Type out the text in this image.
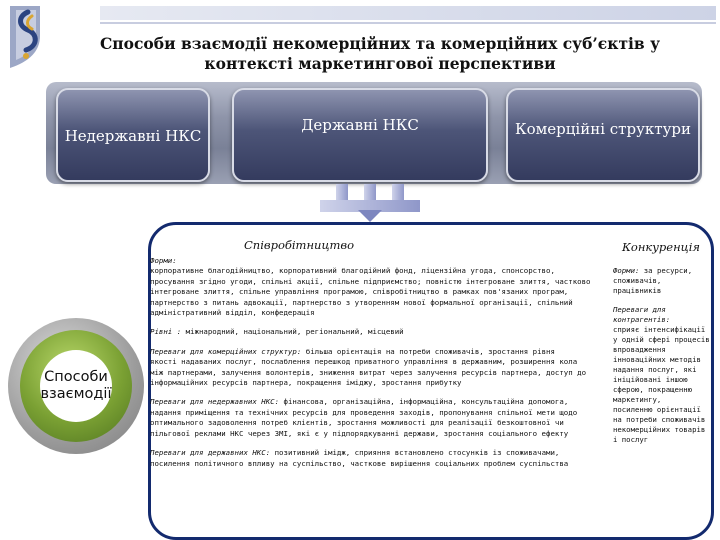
Способи взаємодії некомерційних та комерційних суб’єктів у контексті маркетингової перспективи
Недержавні НКС
Державні НКС	Комерційні структури
Способи взаємодії
Співробітництво	Конкуренція

Форми:

корпоративне благодійництво, корпоративний благодійний фонд, ліцензійна угода, спонсорство,

просування згідно угоди, спільні акції, спільне підприємство; повністю інтегроване злиття, частково

інтегроване злиття, спільне управління програмою, співробітництво в рамках пов'язаних програм,

партнерство з питань адвокації, партнерство з утворенням нової формальної організації, спільний

адміністративний відділ, конфедерація

Рівні : міжнародний, національний, регіональний, місцевий

Переваги для комерційних структур: більша орієнтація на потреби споживачів, зростання рівня

якості надаваних послуг, послаблення перешкод приватного управління в державним, розширення кола

між партнерами, залучення волонтерів, зниження витрат через залучення ресурсів партнера, доступ до

інформаційних ресурсів партнера, покращення іміджу, зростання прибутку

Переваги для недержавних НКС: фінансова, організаційна, інформаційна, консультаційна допомога,

надання приміщення та технічних ресурсів для проведення заходів, пропонування спільної мети щодо

оптимального задоволення потреб клієнтів, зростання можливості для реалізації безкоштовної чи

пільгової реклами НКС через ЗМІ, які є у підпорядкуванні держави, зростання соціального ефекту

Переваги для державних НКС: позитивний імідж, сприяння встановлено стосунків із споживачами,

посилення політичного впливу на суспільство, часткове вирішення соціальних проблем суспільства

Форми: за ресурси,

споживачів,

працівників

Переваги для

контрагентів:

сприяє інтенсифікації

у одній сфері процесів

впровадження

інноваційних методів

надання послуг, які

ініційовані іншою

сферою, покращенню

маркетингу,

посиленню орієнтації

на потреби споживачів

некомерційних товарів

і послуг
